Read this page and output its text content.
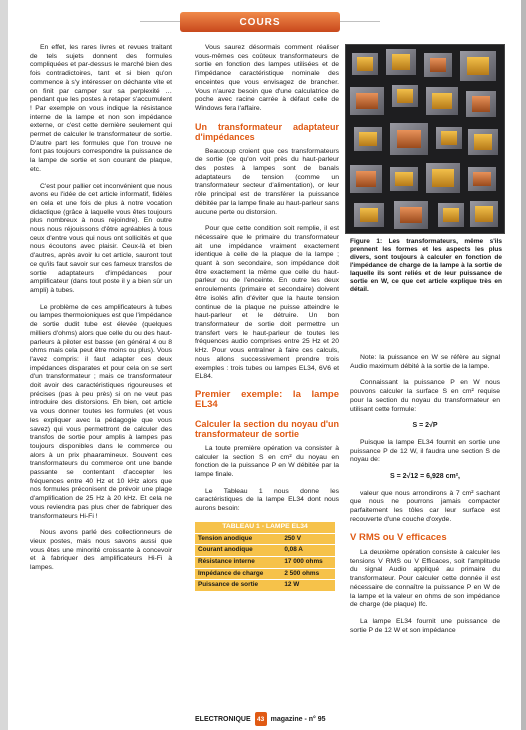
COURS

En effet, les rares livres et revues traitant de tels sujets donnent des formules compliquées et par-dessus le marché bien des fois contradictoires, tant et si bien qu'on commence à s'y intéresser on déchante vite et on finit par camper sur sa perplexité … pendant que les postes à retaper s'accumulent ! Par exemple on vous indique la résistance interne de la lampe et non son impédance externe, or c'est cette dernière seulement qui permet de calculer le transformateur de sortie. D'autre part les formules que l'on trouve ne font pas toujours correspondre la puissance de la lampe de sortie et son courant de plaque, etc.

C'est pour pallier cet inconvénient que nous avons eu l'idée de cet article informatif, fidèles en cela et une fois de plus à notre vocation didactique (grâce à laquelle vous êtes toujours plus nombreux à nous rejoindre). En outre nous nous réjouissons d'être agréables à tous ceux d'entre vous qui nous ont sollicités et que nous écoutons avec plaisir. Ceux-là et bien d'autres, après avoir lu cet article, sauront tout ce qu'ils faut savoir sur ces fameux transfos de sortie adaptateurs d'impédances pour amplificateur (dans tout poste il y a bien sûr un ampli) à tubes.

Le problème de ces amplificateurs à tubes ou lampes thermoioniques est que l'impédance de sortie dudit tube est élevée (quelques milliers d'ohms) alors que celle du ou des haut-parleurs à piloter est basse (en général 4 ou 8 ohms mais cela peut être moins ou plus). Vous l'avez compris: il faut adapter ces deux impédances disparates et pour cela on se sert d'un transformateur ; mais ce transformateur doit avoir des caractéristiques rigoureuses et précises (pas à peu près) si on ne veut pas introduire des distorsions. Eh bien, cet article va vous donner toutes les formules (et vous les expliquer avec la pédagogie que vous savez) qui vous permettront de calculer des transfos de sortie pour amplis à lampes pas toujours disponibles dans le commerce ou alors à un prix phaaramineux. Souvent ces transformateurs du commerce ont une bande passante se contentant d'accepter les fréquences entre 40 Hz et 10 kHz alors que nos formules préconisent de prévoir une plage d'amplification de 25 Hz à 20 kHz. Et cela ne vous reviendra pas plus cher de fabriquer des transformateurs Hi-Fi !

Nous avons parlé des collectionneurs de vieux postes, mais nous savons aussi que vous êtes une minorité croissante à concevoir et à fabriquer des amplificateurs Hi-Fi à lampes.

Vous saurez désormais comment réaliser vous-mêmes ces coûteux transformateurs de sortie en fonction des lampes utilisées et de l'impédance caractéristique nominale des enceintes que vous envisagez de brancher. Vous n'aurez besoin que d'une calculatrice de poche avec racine carrée à défaut celle de Windows fera l'affaire.

Un transformateur adaptateur d'impédances

Beaucoup croient que ces transformateurs de sortie (ce qu'on voit près du haut-parleur des postes à lampes sont de banals adaptateurs de tension (comme un transformateur secteur d'alimentation), or leur rôle principal est de transférer la puissance débitée par la lampe finale au haut-parleur sans aucune perte ou distorsion.

Pour que cette condition soit remplie, il est nécessaire que le primaire du transformateur ait une impédance vraiment exactement identique à celle de la plaque de la lampe ; quant à son secondaire, son impédance doit être exactement la même que celle du haut-parleur ou de l'enceinte. En outre les deux enroulements (primaire et secondaire) doivent être isolés afin d'éviter que la haute tension continue de la plaque ne puisse atteindre le haut-parleur et le détruire. Un bon transformateur de sortie doit permettre un transfert vers le haut-parleur de toutes les fréquences audio comprises entre 25 Hz et 20 kHz. Pour vous entraîner à faire ces calculs, nous allons successivement prendre trois exemples : trois tubes ou lampes EL34, 6V6 et EL84.

Premier exemple: la lampe EL34
Calculer la section du noyau d'un transformateur de sortie

La toute première opération va consister à calculer la section S en cm² du noyau en fonction de la puissance P en W débitée par la lampe finale.

Le Tableau 1 nous donne les caractéristiques de la lampe EL34 dont nous aurons besoin:

TABLEAU 1 - LAMPE EL34	
Tension anodique	250 V
Courant anodique	0,08 A
Résistance interne	17 000 ohms
Impédance de charge	2 500 ohms
Puissance de sortie	12 W
Figure 1: Les transformateurs, même s'ils prennent les formes et les aspects les plus divers, sont toujours à calculer en fonction de l'impédance de charge de la lampe à la sortie de laquelle ils sont reliés et de leur puissance de sortie en W, ce que cet article explique très en détail.

Note: la puissance en W se réfère au signal Audio maximum débité à la sortie de la lampe.

Connaissant la puissance P en W nous pouvons calculer la surface S en cm² requise pour la section du noyau du transformateur en utilisant cette formule:

S = 2√P

Puisque la lampe EL34 fournit en sortie une puissance P de 12 W, il faudra une section S de noyau de:

S = 2√12 = 6,928 cm²,

valeur que nous arrondirons à 7 cm² sachant que nous ne pourrons jamais compacter parfaitement les tôles car leur surface est recouverte d'une couche d'oxyde.

V RMS ou V efficaces

La deuxième opération consiste à calculer les tensions V RMS ou V Efficaces, soit l'amplitude du signal Audio appliqué au primaire du transformateur. Pour calculer cette donnée il est nécessaire de connaître la puissance P en W de la lampe et la valeur en ohms de son impédance de charge (de plaque) Ifc.

La lampe EL34 fournit une puissance de sortie P de 12 W et son impédance

ELECTRONIQUE 43 magazine - n° 95
